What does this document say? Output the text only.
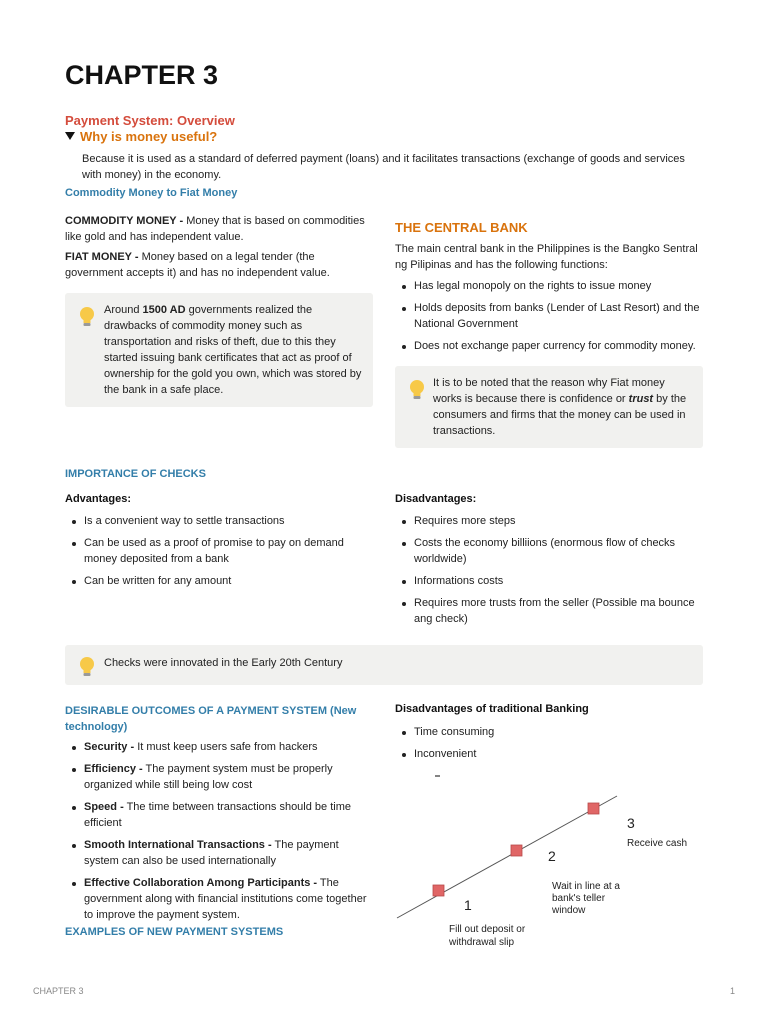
CHAPTER 3
Payment System: Overview
Why is money useful?
Because it is used as a standard of deferred payment (loans) and it facilitates transactions (exchange of goods and services with money) in the economy.
Commodity Money to Fiat Money
COMMODITY MONEY - Money that is based on commodities like gold and has independent value.
FIAT MONEY - Money based on a legal tender (the government accepts it) and has no independent value.
Around 1500 AD governments realized the drawbacks of commodity money such as transportation and risks of theft, due to this they started issuing bank certificates that act as proof of ownership for the gold you own, which was stored by the bank in a safe place.
THE CENTRAL BANK
The main central bank in the Philippines is the Bangko Sentral ng Pilipinas and has the following functions:
Has legal monopoly on the rights to issue money
Holds deposits from banks (Lender of Last Resort) and the National Government
Does not exchange paper currency for commodity money.
It is to be noted that the reason why Fiat money works is because there is confidence or trust by the consumers and firms that the money can be used in transactions.
IMPORTANCE OF CHECKS
Advantages:
Is a convenient way to settle transactions
Can be used as a proof of promise to pay on demand money deposited from a bank
Can be written for any amount
Disadvantages:
Requires more steps
Costs the economy billiions (enormous flow of checks worldwide)
Informations costs
Requires more trusts from the seller (Possible ma bounce ang check)
Checks were innovated in the Early 20th Century
DESIRABLE OUTCOMES OF A PAYMENT SYSTEM (New technology)
Security - It must keep users safe from hackers
Efficiency - The payment system must be properly organized while still being low cost
Speed - The time between transactions should be time efficient
Smooth International Transactions - The payment system can also be used internationally
Effective Collaboration Among Participants - The government along with financial institutions come together to improve the payment system.
EXAMPLES OF NEW PAYMENT SYSTEMS
Disadvantages of traditional Banking
Time consuming
Inconvenient
1
Fill out deposit or
withdrawal slip
2
Wait in line at a
bank's teller
window
3
Receive cash
CHAPTER 3	1
